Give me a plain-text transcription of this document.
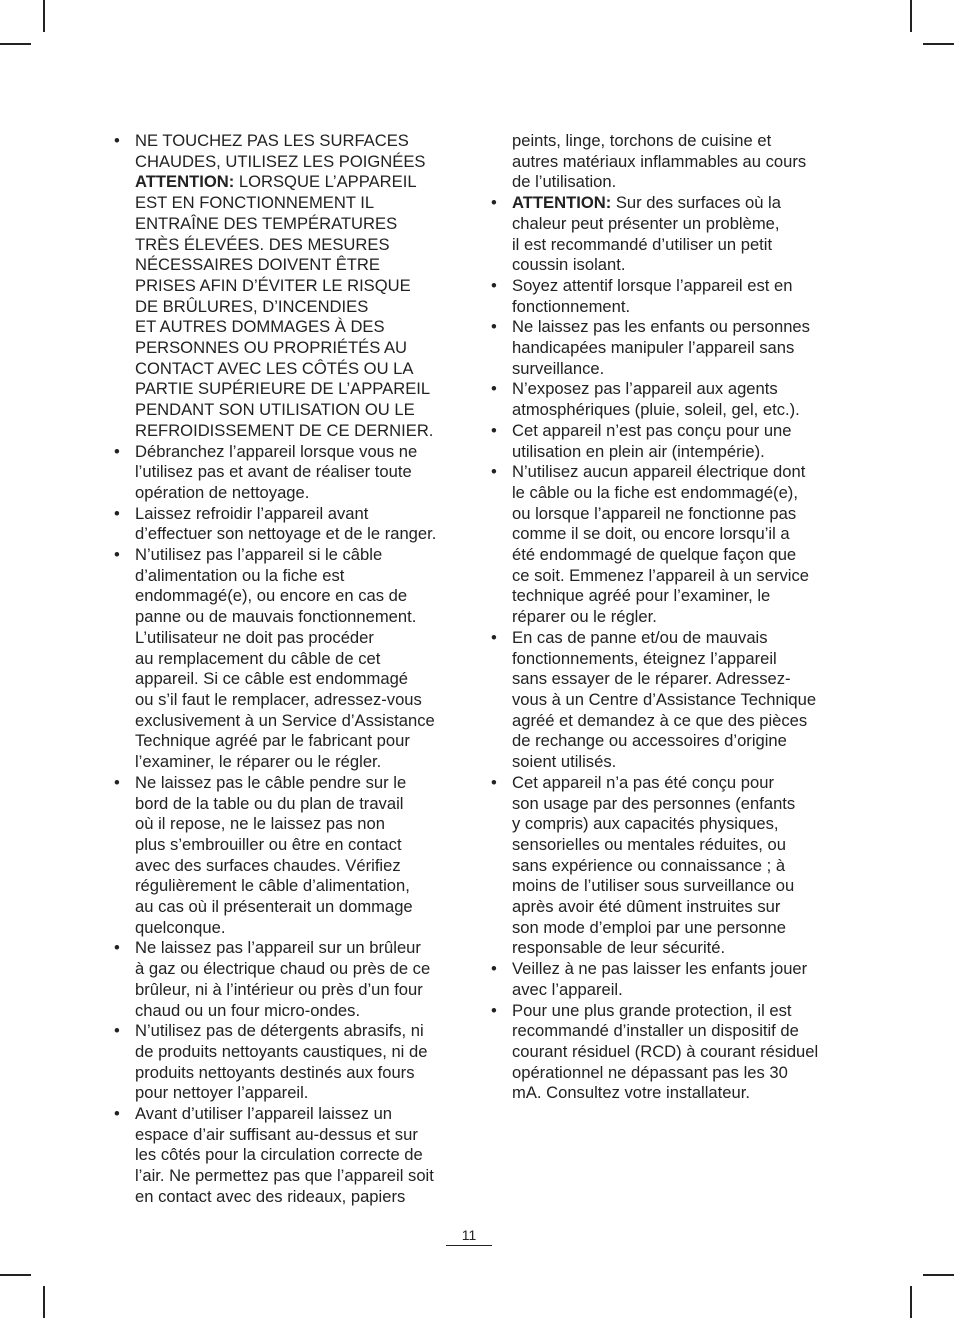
• NE TOUCHEZ PAS LES SURFACES
CHAUDES, UTILISEZ LES POIGNÉES
ATTENTION: LORSQUE L’APPAREIL
EST EN FONCTIONNEMENT IL
ENTRAÎNE DES TEMPÉRATURES
TRÈS ÉLEVÉES. DES MESURES
NÉCESSAIRES DOIVENT ÊTRE
PRISES AFIN D’ÉVITER LE RISQUE
DE BRÛLURES, D’INCENDIES
ET AUTRES DOMMAGES À DES
PERSONNES OU PROPRIÉTÉS AU
CONTACT AVEC LES CÔTÉS OU LA
PARTIE SUPÉRIEURE DE L’APPAREIL
PENDANT SON UTILISATION OU LE
REFROIDISSEMENT DE CE DERNIER.
• Débranchez l’appareil lorsque vous ne
l’utilisez pas et avant de réaliser toute
opération de nettoyage.
• Laissez refroidir l’appareil avant
d’effectuer son nettoyage et de le ranger.
• N’utilisez pas l’appareil si le câble
d’alimentation ou la fiche est
endommagé(e), ou encore en cas de
panne ou de mauvais fonctionnement.
L’utilisateur ne doit pas procéder
au remplacement du câble de cet
appareil. Si ce câble est endommagé
ou s’il faut le remplacer, adressez-vous
exclusivement à un Service d’Assistance
Technique agréé par le fabricant pour
l’examiner, le réparer ou le régler.
• Ne laissez pas le câble pendre sur le
bord de la table ou du plan de travail
où il repose, ne le laissez pas non
plus s’embrouiller ou être en contact
avec des surfaces chaudes. Vérifiez
régulièrement le câble d’alimentation,
au cas où il présenterait un dommage
quelconque.
• Ne laissez pas l’appareil sur un brûleur
à gaz ou électrique chaud ou près de ce
brûleur, ni à l’intérieur ou près d’un four
chaud ou un four micro-ondes.
• N’utilisez pas de détergents abrasifs, ni
de produits nettoyants caustiques, ni de
produits nettoyants destinés aux fours
pour nettoyer l’appareil.
• Avant d’utiliser l’appareil laissez un
espace d’air suffisant au-dessus et sur
les côtés pour la circulation correcte de
l’air. Ne permettez pas que l’appareil soit
en contact avec des rideaux, papiers
peints, linge, torchons de cuisine et
autres matériaux inflammables au cours
de l’utilisation.
• ATTENTION: Sur des surfaces où la
chaleur peut présenter un problème,
il est recommandé d’utiliser un petit
coussin isolant.
• Soyez attentif lorsque l’appareil est en
fonctionnement.
• Ne laissez pas les enfants ou personnes
handicapées manipuler l’appareil sans
surveillance.
• N’exposez pas l’appareil aux agents
atmosphériques (pluie, soleil, gel, etc.).
• Cet appareil n’est pas conçu pour une
utilisation en plein air (intempérie).
• N’utilisez aucun appareil électrique dont
le câble ou la fiche est endommagé(e),
ou lorsque l’appareil ne fonctionne pas
comme il se doit, ou encore lorsqu’il a
été endommagé de quelque façon que
ce soit. Emmenez l’appareil à un service
technique agréé pour l’examiner, le
réparer ou le régler.
• En cas de panne et/ou de mauvais
fonctionnements, éteignez l’appareil
sans essayer de le réparer. Adressez-
vous à un Centre d’Assistance Technique
agréé et demandez à ce que des pièces
de rechange ou accessoires d’origine
soient utilisés.
• Cet appareil n’a pas été conçu pour
son usage par des personnes (enfants
y compris) aux capacités physiques,
sensorielles ou mentales réduites, ou
sans expérience ou connaissance ; à
moins de l’utiliser sous surveillance ou
après avoir été dûment instruites sur
son mode d’emploi par une personne
responsable de leur sécurité.
• Veillez à ne pas laisser les enfants jouer
avec l’appareil.
• Pour une plus grande protection, il est
recommandé d’installer un dispositif de
courant résiduel (RCD) à courant résiduel
opérationnel ne dépassant pas les 30
mA. Consultez votre installateur.
11
